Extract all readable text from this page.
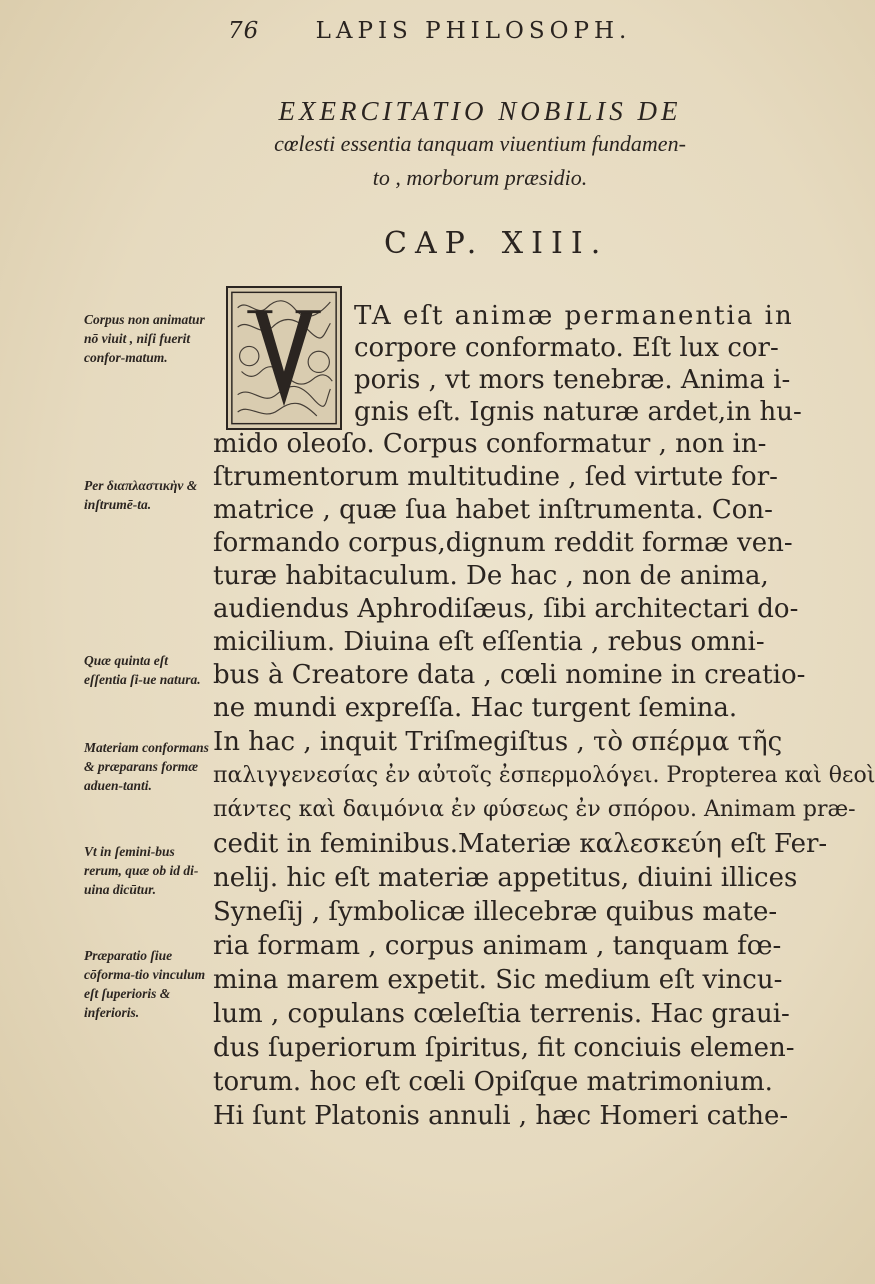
76 LAPIS PHILOSOPH.

EXERCITATIO NOBILIS DE

cœlesti essentia tanquam viuentium fundamen-

to , morborum præsidio.

CAP. XIII.

TA eſt animæ permanentia in

corpore conformato. Eſt lux cor-

poris , vt mors tenebræ. Anima i-

gnis eſt. Ignis naturæ ardet,in hu-

mido oleoſo. Corpus conformatur , non in-

ſtrumentorum multitudine , ſed virtute for-

matrice , quæ ſua habet inſtrumenta. Con-

formando corpus,dignum reddit formæ ven-

turæ habitaculum. De hac , non de anima,

audiendus Aphrodiſæus, ſibi architectari do-

micilium. Diuina eſt eſſentia , rebus omni-

bus à Creatore data , cœli nomine in creatio-

ne mundi expreſſa. Hac turgent ſemina.

In hac , inquit Triſmegiſtus , τὸ σπέρμα τῆς

παλιγγενεσίας ἐν αὐτοῖς ἐσπερμολόγει. Propterea καὶ θεοὶ

πάντες καὶ δαιμόνια ἐν φύσεως ἐν σπόρου. Animam præ-

cedit in feminibus.Materiæ καλεσκεύη eſt Fer-

nelij. hic eſt materiæ appetitus, diuini illices

Syneſij , ſymbolicæ illecebræ quibus mate-

ria formam , corpus animam , tanquam fœ-

mina marem expetit. Sic medium eſt vincu-

lum , copulans cœleſtia terrenis. Hac graui-

dus ſuperiorum ſpiritus, fit conciuis elemen-

torum. hoc eſt cœli Opiſque matrimonium.

Hi ſunt Platonis annuli , hæc Homeri cathe-

Corpus non animatur nō viuit , niſi fuerit confor-matum.

Per διαπλαστικὴν & inſtrumē-ta.

Quæ quinta eſt eſſentia ſi-ue natura.

Materiam conformans & præparans formæ aduen-tanti.

Vt in ſemini-bus rerum, quæ ob id di-uina dicūtur.

Præparatio ſiue cōforma-tio vinculum eſt ſuperioris & inferioris.
